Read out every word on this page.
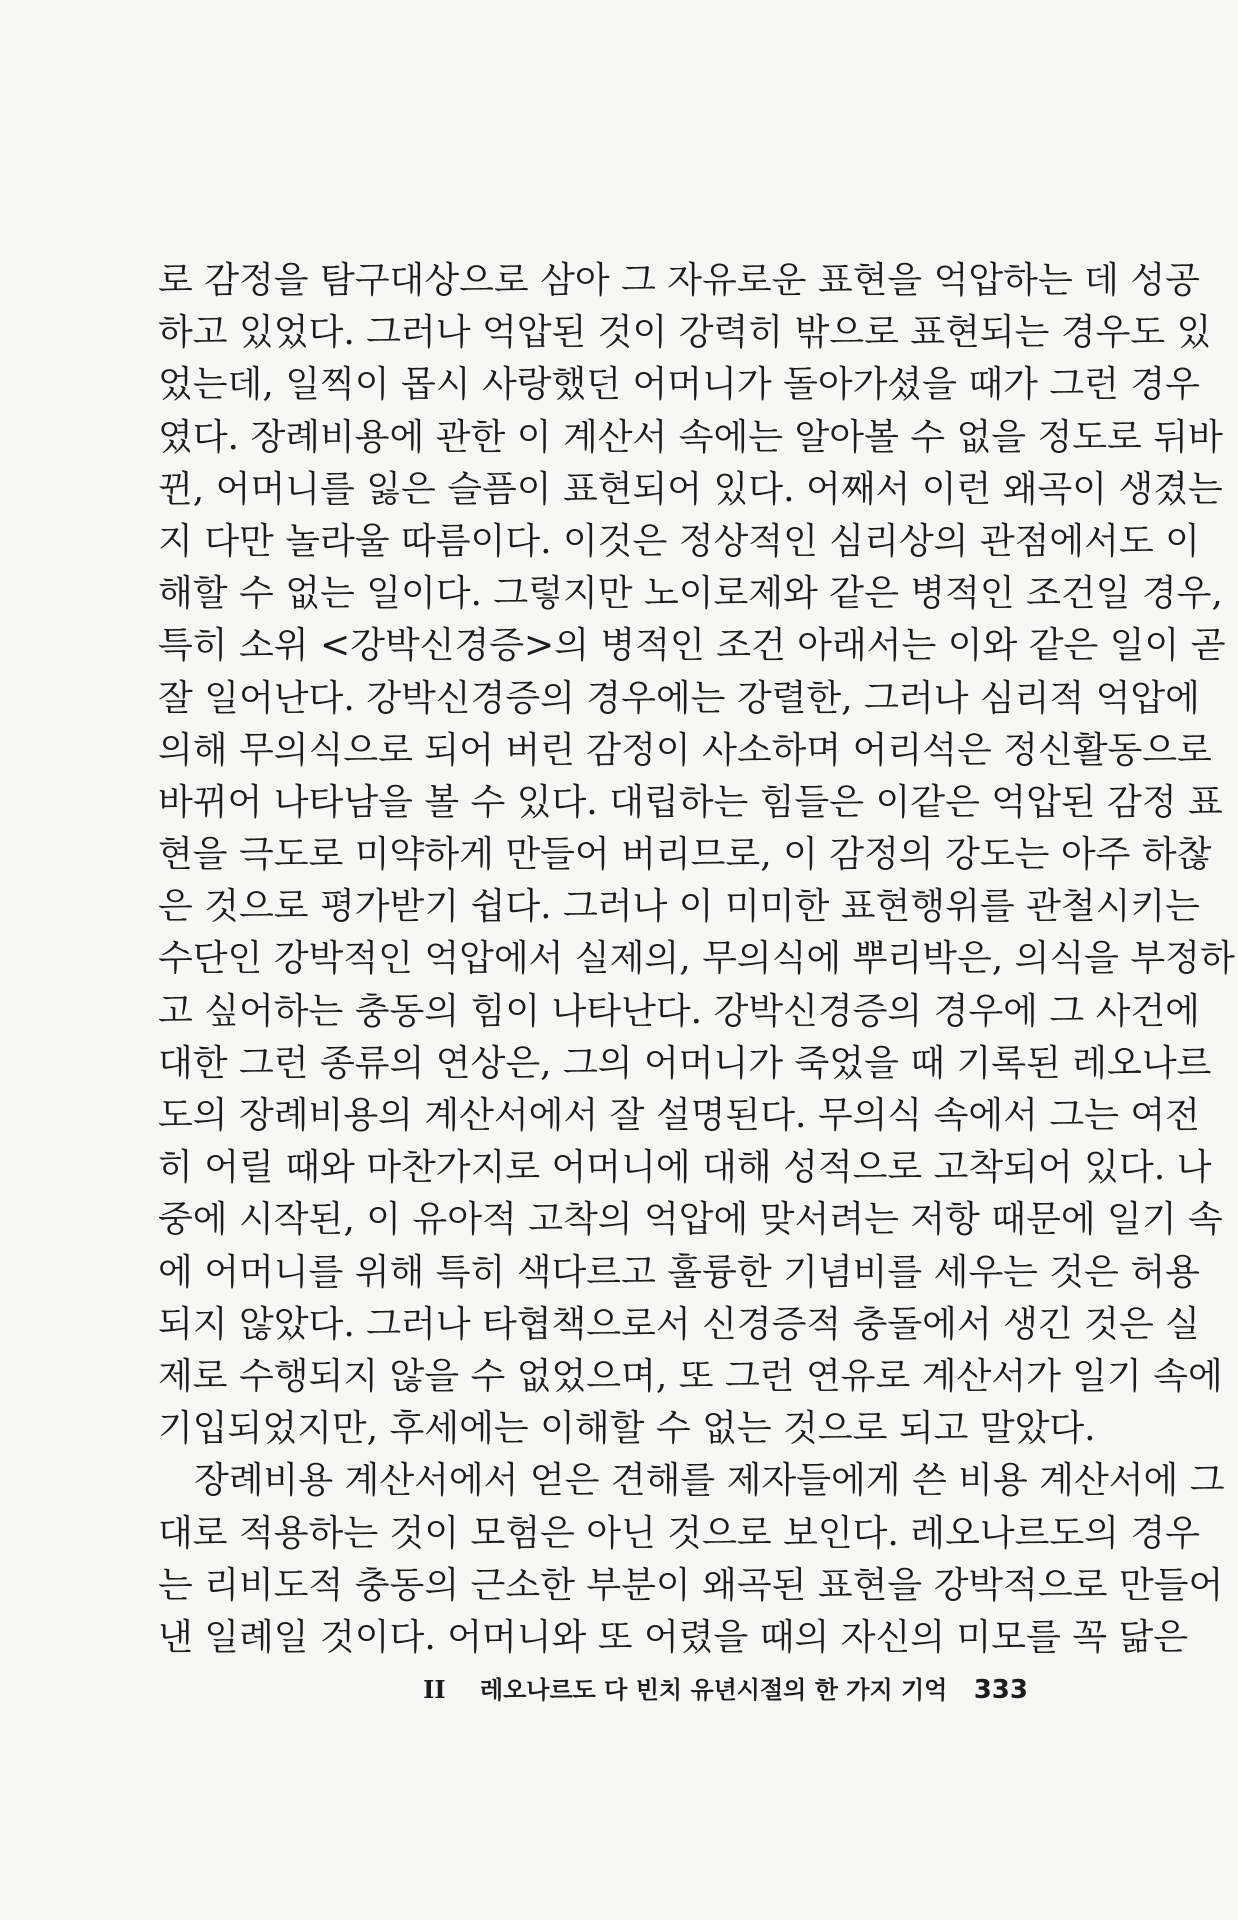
로 감정을 탐구대상으로 삼아 그 자유로운 표현을 억압하는 데 성공
하고 있었다. 그러나 억압된 것이 강력히 밖으로 표현되는 경우도 있
었는데, 일찍이 몹시 사랑했던 어머니가 돌아가셨을 때가 그런 경우
였다. 장례비용에 관한 이 계산서 속에는 알아볼 수 없을 정도로 뒤바
뀐, 어머니를 잃은 슬픔이 표현되어 있다. 어째서 이런 왜곡이 생겼는
지 다만 놀라울 따름이다. 이것은 정상적인 심리상의 관점에서도 이
해할 수 없는 일이다. 그렇지만 노이로제와 같은 병적인 조건일 경우,
특히 소위 <강박신경증>의 병적인 조건 아래서는 이와 같은 일이 곧
잘 일어난다. 강박신경증의 경우에는 강렬한, 그러나 심리적 억압에
의해 무의식으로 되어 버린 감정이 사소하며 어리석은 정신활동으로
바뀌어 나타남을 볼 수 있다. 대립하는 힘들은 이같은 억압된 감정 표
현을 극도로 미약하게 만들어 버리므로, 이 감정의 강도는 아주 하찮
은 것으로 평가받기 쉽다. 그러나 이 미미한 표현행위를 관철시키는
수단인 강박적인 억압에서 실제의, 무의식에 뿌리박은, 의식을 부정하
고 싶어하는 충동의 힘이 나타난다. 강박신경증의 경우에 그 사건에
대한 그런 종류의 연상은, 그의 어머니가 죽었을 때 기록된 레오나르
도의 장례비용의 계산서에서 잘 설명된다. 무의식 속에서 그는 여전
히 어릴 때와 마찬가지로 어머니에 대해 성적으로 고착되어 있다. 나
중에 시작된, 이 유아적 고착의 억압에 맞서려는 저항 때문에 일기 속
에 어머니를 위해 특히 색다르고 훌륭한 기념비를 세우는 것은 허용
되지 않았다. 그러나 타협책으로서 신경증적 충돌에서 생긴 것은 실
제로 수행되지 않을 수 없었으며, 또 그런 연유로 계산서가 일기 속에
기입되었지만, 후세에는 이해할 수 없는 것으로 되고 말았다.
장례비용 계산서에서 얻은 견해를 제자들에게 쓴 비용 계산서에 그
대로 적용하는 것이 모험은 아닌 것으로 보인다. 레오나르도의 경우
는 리비도적 충동의 근소한 부분이 왜곡된 표현을 강박적으로 만들어
낸 일례일 것이다. 어머니와 또 어렸을 때의 자신의 미모를 꼭 닮은
II 레오나르도 다 빈치 유년시절의 한 가지 기억 333
